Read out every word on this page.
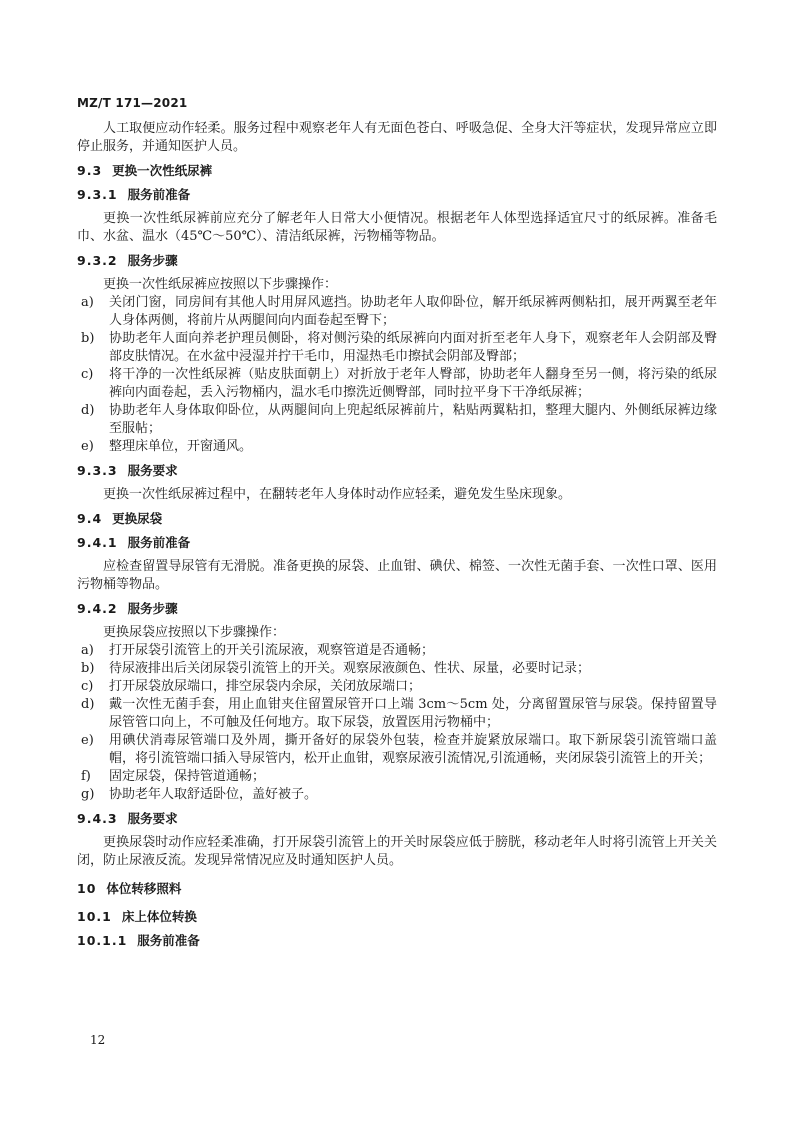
MZ/T 171—2021

人工取便应动作轻柔。服务过程中观察老年人有无面色苍白、呼吸急促、全身大汗等症状，发现异常应立即停止服务，并通知医护人员。

9.3 更换一次性纸尿裤
9.3.1 服务前准备

更换一次性纸尿裤前应充分了解老年人日常大小便情况。根据老年人体型选择适宜尺寸的纸尿裤。准备毛巾、水盆、温水（45℃～50℃）、清洁纸尿裤，污物桶等物品。

9.3.2 服务步骤

更换一次性纸尿裤应按照以下步骤操作：

a) 关闭门窗，同房间有其他人时用屏风遮挡。协助老年人取仰卧位，解开纸尿裤两侧粘扣，展开两翼至老年人身体两侧，将前片从两腿间向内面卷起至臀下；
b) 协助老年人面向养老护理员侧卧，将对侧污染的纸尿裤向内面对折至老年人身下，观察老年人会阴部及臀部皮肤情况。在水盆中浸湿并拧干毛巾，用湿热毛巾擦拭会阴部及臀部；
c) 将干净的一次性纸尿裤（贴皮肤面朝上）对折放于老年人臀部，协助老年人翻身至另一侧，将污染的纸尿裤向内面卷起，丢入污物桶内，温水毛巾擦洗近侧臀部，同时拉平身下干净纸尿裤；
d) 协助老年人身体取仰卧位，从两腿间向上兜起纸尿裤前片，粘贴两翼粘扣，整理大腿内、外侧纸尿裤边缘至服帖；
e) 整理床单位，开窗通风。
9.3.3 服务要求

更换一次性纸尿裤过程中，在翻转老年人身体时动作应轻柔，避免发生坠床现象。

9.4 更换尿袋
9.4.1 服务前准备

应检查留置导尿管有无滑脱。准备更换的尿袋、止血钳、碘伏、棉签、一次性无菌手套、一次性口罩、医用污物桶等物品。

9.4.2 服务步骤

更换尿袋应按照以下步骤操作：

a) 打开尿袋引流管上的开关引流尿液，观察管道是否通畅；
b) 待尿液排出后关闭尿袋引流管上的开关。观察尿液颜色、性状、尿量，必要时记录；
c) 打开尿袋放尿端口，排空尿袋内余尿，关闭放尿端口；
d) 戴一次性无菌手套，用止血钳夹住留置尿管开口上端 3cm～5cm 处，分离留置尿管与尿袋。保持留置导尿管管口向上，不可触及任何地方。取下尿袋，放置医用污物桶中；
e) 用碘伏消毒尿管端口及外周，撕开备好的尿袋外包装，检查并旋紧放尿端口。取下新尿袋引流管端口盖帽，将引流管端口插入导尿管内，松开止血钳，观察尿液引流情况,引流通畅，夹闭尿袋引流管上的开关；
f) 固定尿袋，保持管道通畅；
g) 协助老年人取舒适卧位，盖好被子。
9.4.3 服务要求

更换尿袋时动作应轻柔准确，打开尿袋引流管上的开关时尿袋应低于膀胱，移动老年人时将引流管上开关关闭，防止尿液反流。发现异常情况应及时通知医护人员。

10 体位转移照料
10.1 床上体位转换
10.1.1 服务前准备
12
